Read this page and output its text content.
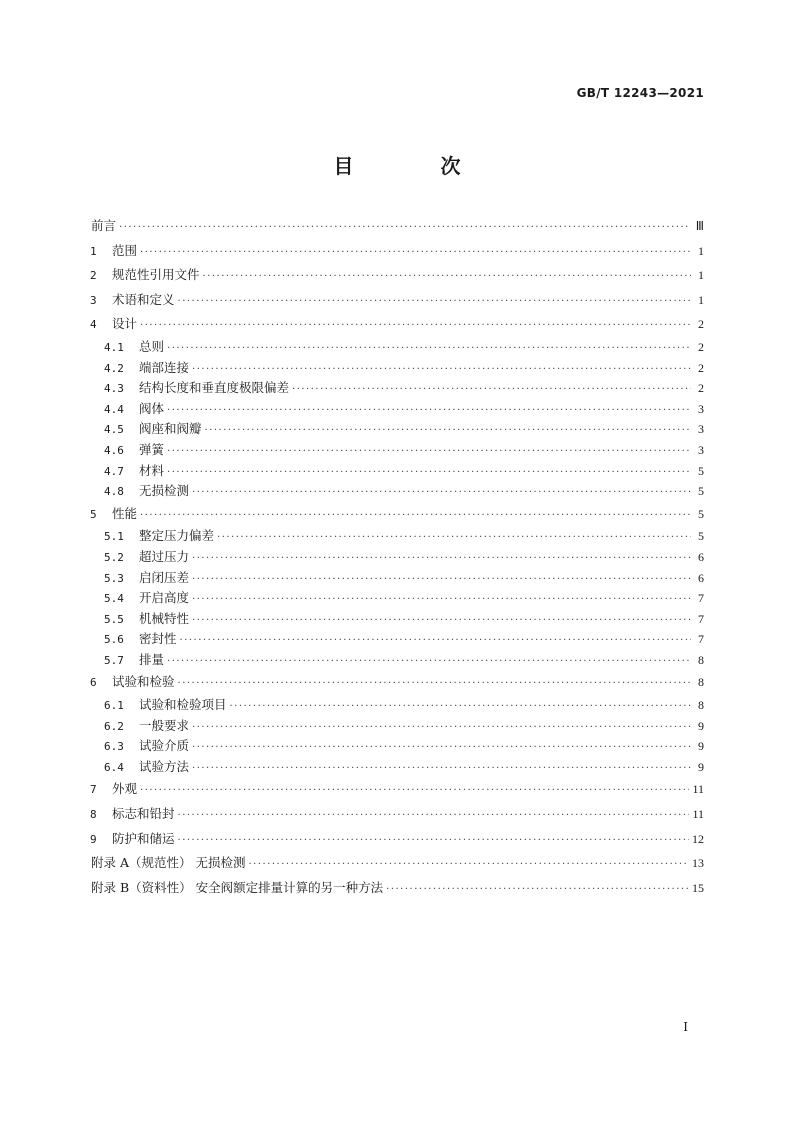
GB/T 12243—2021
目 次
前言 ·····	Ⅲ
1	范围 ·····	1
2	规范性引用文件 ·····	1
3	术语和定义 ·····	1
4	设计 ·····	2
4.1	总则 ·····	2
4.2	端部连接 ·····	2
4.3	结构长度和垂直度极限偏差 ·····	2
4.4	阀体 ·····	3
4.5	阀座和阀瓣 ·····	3
4.6	弹簧 ·····	3
4.7	材料 ·····	5
4.8	无损检测 ·····	5
5	性能 ·····	5
5.1	整定压力偏差 ·····	5
5.2	超过压力 ·····	6
5.3	启闭压差 ·····	6
5.4	开启高度 ·····	7
5.5	机械特性 ·····	7
5.6	密封性 ·····	7
5.7	排量 ·····	8
6	试验和检验 ·····	8
6.1	试验和检验项目 ·····	8
6.2	一般要求 ·····	9
6.3	试验介质 ·····	9
6.4	试验方法 ·····	9
7	外观 ·····	11
8	标志和铅封 ·····	11
9	防护和储运 ·····	12
附录 A（规范性） 无损检测 ·····	13
附录 B（资料性） 安全阀额定排量计算的另一种方法 ·····	15
I
